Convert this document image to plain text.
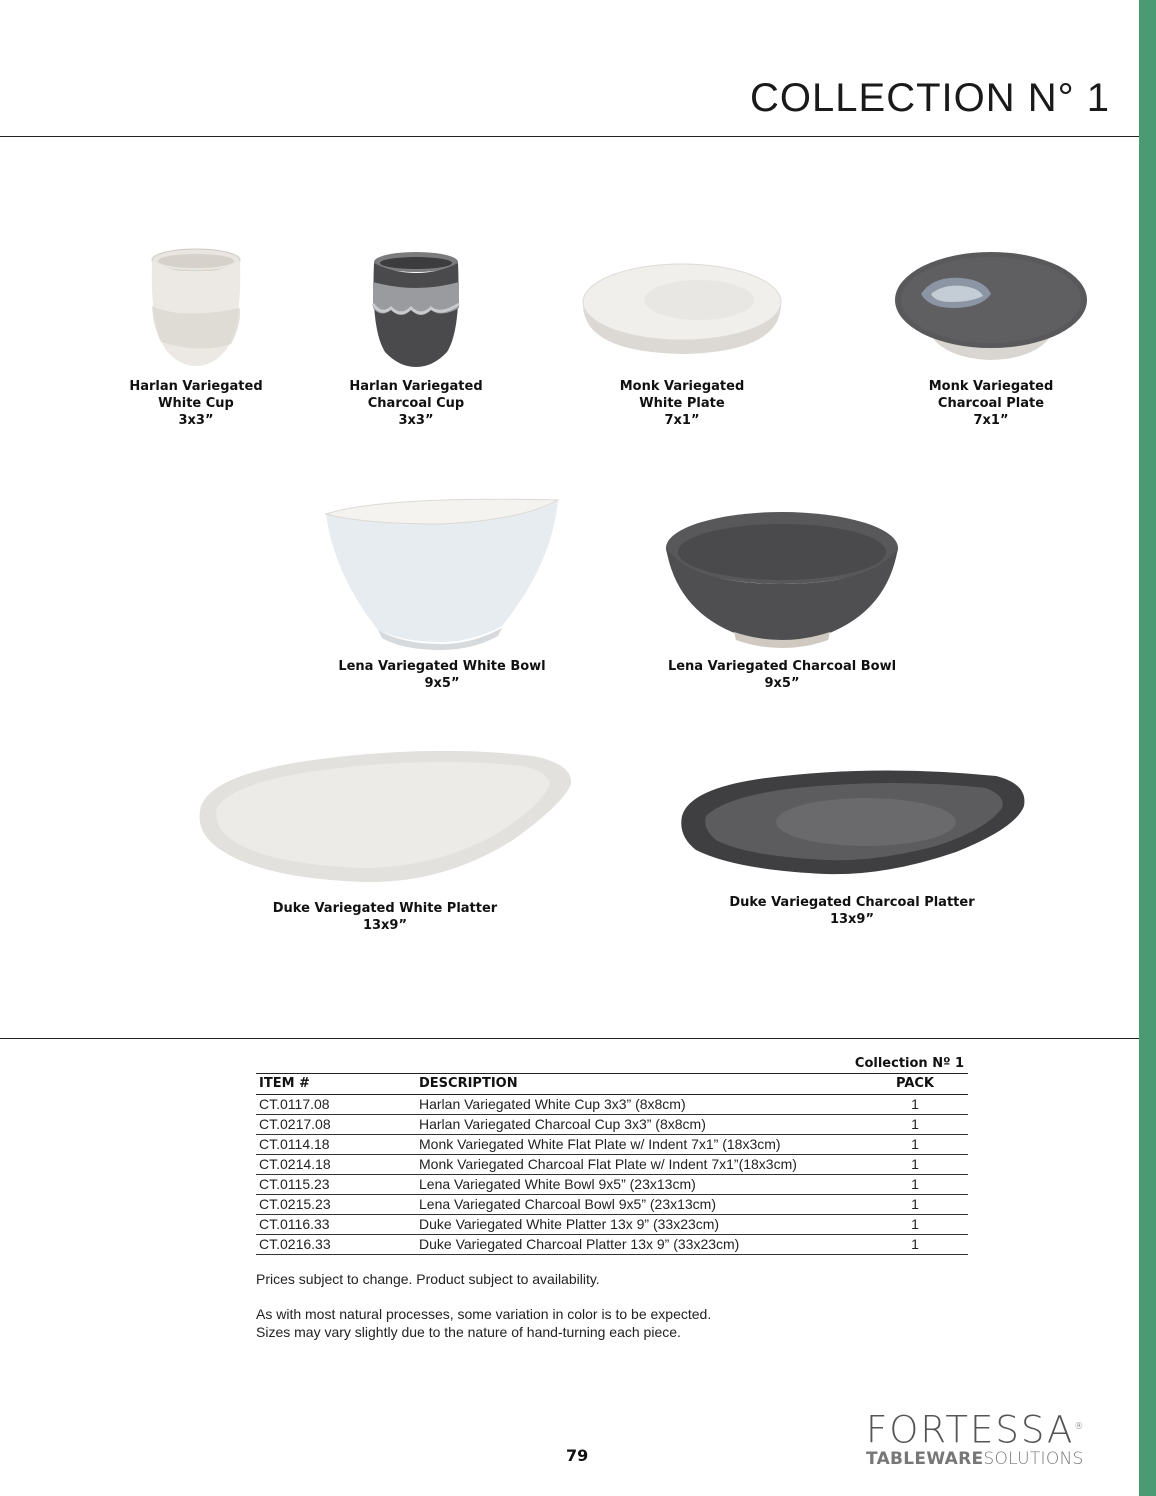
COLLECTION N° 1
Harlan Variegated
White Cup
3x3”
Harlan Variegated
Charcoal Cup
3x3”
Monk Variegated
White Plate
7x1”
Monk Variegated
Charcoal Plate
7x1”
Lena Variegated White Bowl
9x5”
Lena Variegated Charcoal Bowl
9x5”
Duke Variegated White Platter
13x9”
Duke Variegated Charcoal Platter
13x9”
Collection Nº 1
ITEM #	DESCRIPTION	PACK
CT.0117.08	Harlan Variegated White Cup 3x3” (8x8cm)	1
CT.0217.08	Harlan Variegated Charcoal Cup 3x3” (8x8cm)	1
CT.0114.18	Monk Variegated White Flat Plate w/ Indent 7x1” (18x3cm)	1
CT.0214.18	Monk Variegated Charcoal Flat Plate w/ Indent 7x1”(18x3cm)	1
CT.0115.23	Lena Variegated White Bowl 9x5” (23x13cm)	1
CT.0215.23	Lena Variegated Charcoal Bowl 9x5” (23x13cm)	1
CT.0116.33	Duke Variegated White Platter 13x 9” (33x23cm)	1
CT.0216.33	Duke Variegated Charcoal Platter 13x 9” (33x23cm)	1

Prices subject to change. Product subject to availability.

As with most natural processes, some variation in color is to be expected.
Sizes may vary slightly due to the nature of hand-turning each piece.

79
FORTESSA®
TABLEWARESOLUTIONS
